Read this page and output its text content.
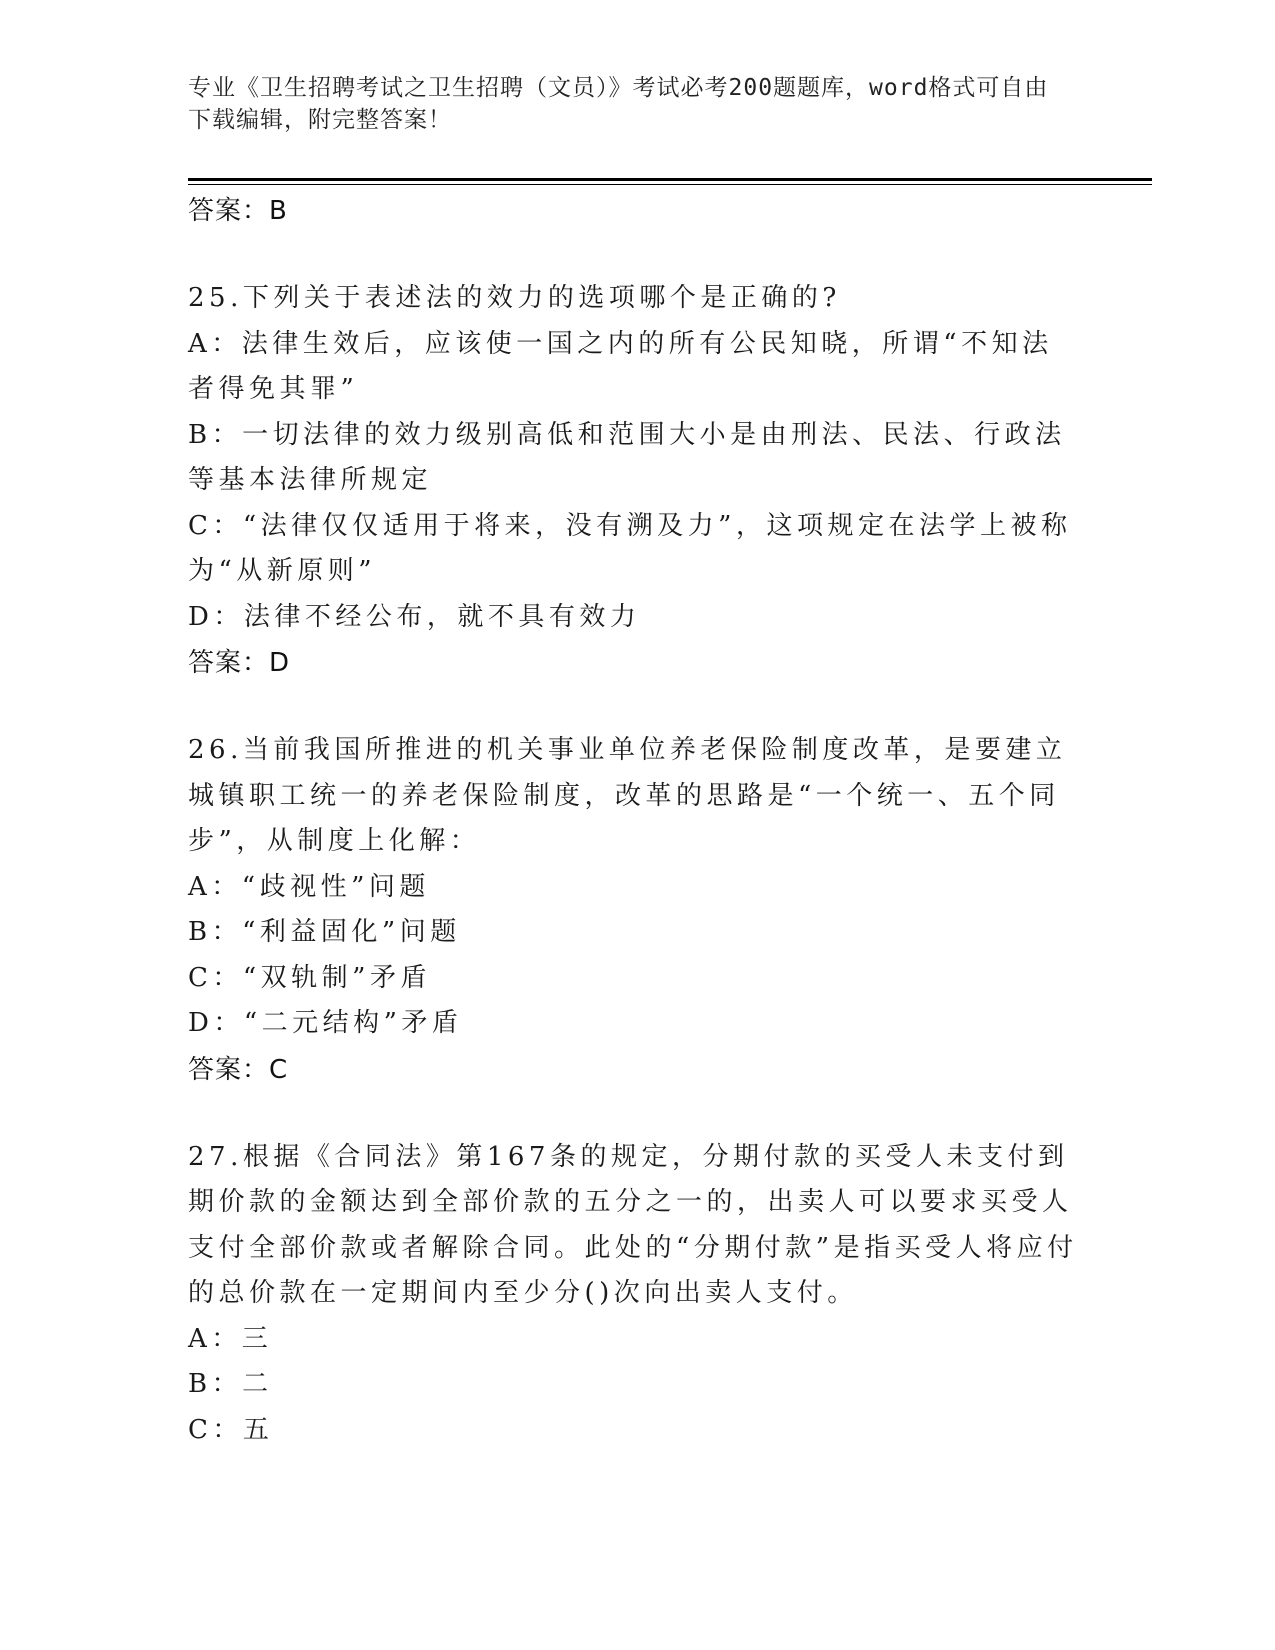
专业《卫生招聘考试之卫生招聘（文员）》考试必考200题题库，word格式可自由下载编辑，附完整答案！
答案：B
25.下列关于表述法的效力的选项哪个是正确的?
A：法律生效后，应该使一国之内的所有公民知晓，所谓“不知法者得免其罪”
B：一切法律的效力级别高低和范围大小是由刑法、民法、行政法等基本法律所规定
C：“法律仅仅适用于将来，没有溯及力”，这项规定在法学上被称为“从新原则”
D：法律不经公布，就不具有效力
答案：D
26.当前我国所推进的机关事业单位养老保险制度改革，是要建立城镇职工统一的养老保险制度，改革的思路是“一个统一、五个同步”，从制度上化解：
A：“歧视性”问题
B：“利益固化”问题
C：“双轨制”矛盾
D：“二元结构”矛盾
答案：C
27.根据《合同法》第167条的规定，分期付款的买受人未支付到期价款的金额达到全部价款的五分之一的，出卖人可以要求买受人支付全部价款或者解除合同。此处的“分期付款”是指买受人将应付的总价款在一定期间内至少分()次向出卖人支付。
A：三
B：二
C：五
